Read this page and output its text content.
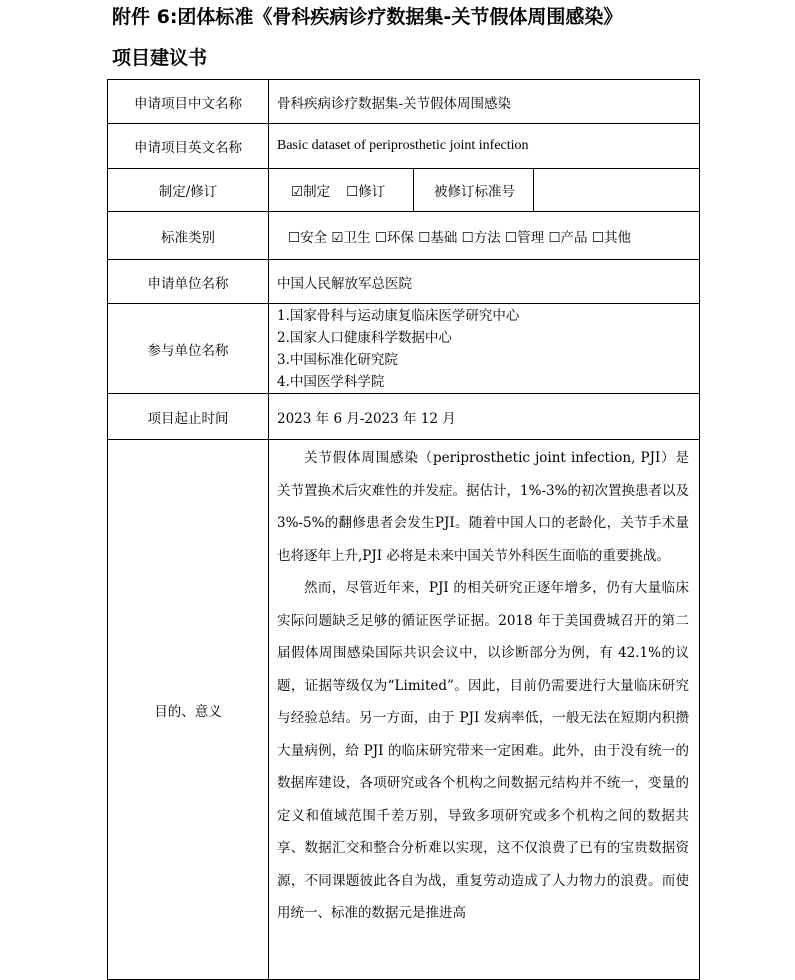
附件 6:团体标准《骨科疾病诊疗数据集-关节假体周围感染》
项目建议书
申请项目中文名称	骨科疾病诊疗数据集-关节假体周围感染
申请项目英文名称	Basic dataset of periprosthetic joint infection
制定/修订	☑制定 ☐修订 被修订标准号

标准类别	☐安全 ☑卫生 ☐环保 ☐基础 ☐方法 ☐管理 ☐产品 ☐其他
申请单位名称	中国人民解放军总医院
参与单位名称	1.国家骨科与运动康复临床医学研究中心
2.国家人口健康科学数据中心
3.中国标准化研究院
4.中国医学科学院

项目起止时间	2023 年 6 月-2023 年 12 月
目的、意义	关节假体周围感染（periprosthetic joint infection, PJI）是关节置换术后灾难性的并发症。据估计，1%-3%的初次置换患者以及3%-5%的翻修患者会发生PJI。随着中国人口的老龄化，关节手术量也将逐年上升,PJI 必将是未来中国关节外科医生面临的重要挑战。

然而，尽管近年来，PJI 的相关研究正逐年增多，仍有大量临床实际问题缺乏足够的循证医学证据。2018 年于美国费城召开的第二届假体周围感染国际共识会议中，以诊断部分为例，有 42.1%的议题，证据等级仅为“Limited”。因此，目前仍需要进行大量临床研究与经验总结。另一方面，由于 PJI 发病率低，一般无法在短期内积攒大量病例，给 PJI 的临床研究带来一定困难。此外，由于没有统一的数据库建设，各项研究或各个机构之间数据元结构并不统一，变量的定义和值域范围千差万别，导致多项研究或多个机构之间的数据共享、数据汇交和整合分析难以实现，这不仅浪费了已有的宝贵数据资源，不同课题彼此各自为战，重复劳动造成了人力物力的浪费。而使用统一、标准的数据元是推进高
